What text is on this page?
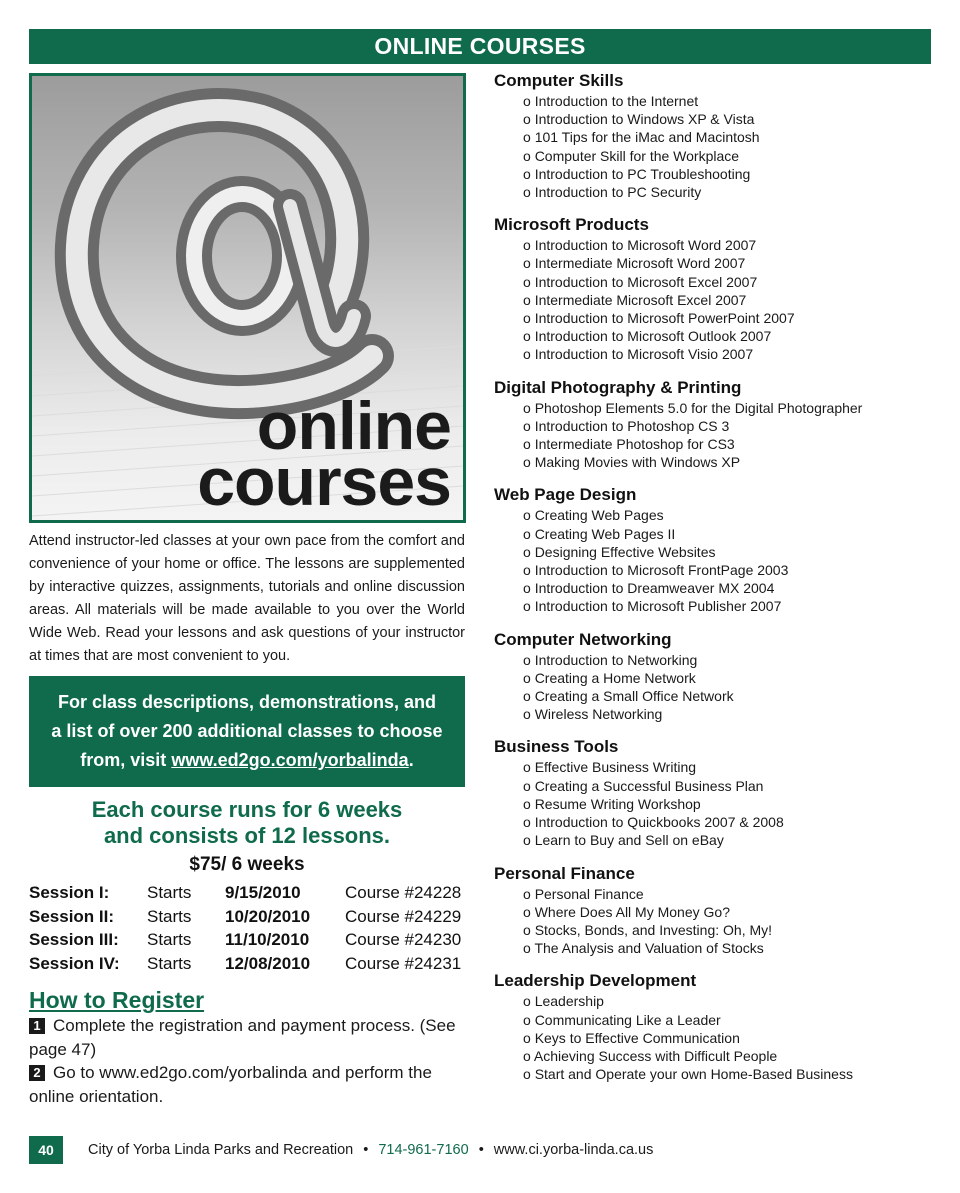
ONLINE COURSES
online
courses

Attend instructor-led classes at your own pace from the comfort and convenience of your home or office. The lessons are supplemented by interactive quizzes, assignments, tutorials and online discussion areas. All materials will be made available to you over the World Wide Web. Read your lessons and ask questions of your instructor at times that are most convenient to you.

For class descriptions, demonstrations, and
a list of over 200 additional classes to choose
from, visit www.ed2go.com/yorbalinda.
Each course runs for 6 weeks
and consists of 12 lessons.
$75/ 6 weeks
Session I:	Starts	9/15/2010	Course #24228
Session II:	Starts	10/20/2010	Course #24229
Session III:	Starts	11/10/2010	Course #24230
Session IV:	Starts	12/08/2010	Course #24231
How to Register
1 Complete the registration and payment process. (See page 47)
2 Go to www.ed2go.com/yorbalinda and perform the online orientation.
Computer Skills
o Introduction to the Internet
o Introduction to Windows XP & Vista
o 101 Tips for the iMac and Macintosh
o Computer Skill for the Workplace
o Introduction to PC Troubleshooting
o Introduction to PC Security
Microsoft Products
o Introduction to Microsoft Word 2007
o Intermediate Microsoft Word 2007
o Introduction to Microsoft Excel 2007
o Intermediate Microsoft Excel 2007
o Introduction to Microsoft PowerPoint 2007
o Introduction to Microsoft Outlook 2007
o Introduction to Microsoft Visio 2007
Digital Photography & Printing
o Photoshop Elements 5.0 for the Digital Photographer
o Introduction to Photoshop CS 3
o Intermediate Photoshop for CS3
o Making Movies with Windows XP
Web Page Design
o Creating Web Pages
o Creating Web Pages II
o Designing Effective Websites
o Introduction to Microsoft FrontPage 2003
o Introduction to Dreamweaver MX 2004
o Introduction to Microsoft Publisher 2007
Computer Networking
o Introduction to Networking
o Creating a Home Network
o Creating a Small Office Network
o Wireless Networking
Business Tools
o Effective Business Writing
o Creating a Successful Business Plan
o Resume Writing Workshop
o Introduction to Quickbooks 2007 & 2008
o Learn to Buy and Sell on eBay
Personal Finance
o Personal Finance
o Where Does All My Money Go?
o Stocks, Bonds, and Investing: Oh, My!
o The Analysis and Valuation of Stocks
Leadership Development
o Leadership
o Communicating Like a Leader
o Keys to Effective Communication
o Achieving Success with Difficult People
o Start and Operate your own Home-Based Business
40	City of Yorba Linda Parks and Recreation • 714-961-7160 • www.ci.yorba-linda.ca.us
